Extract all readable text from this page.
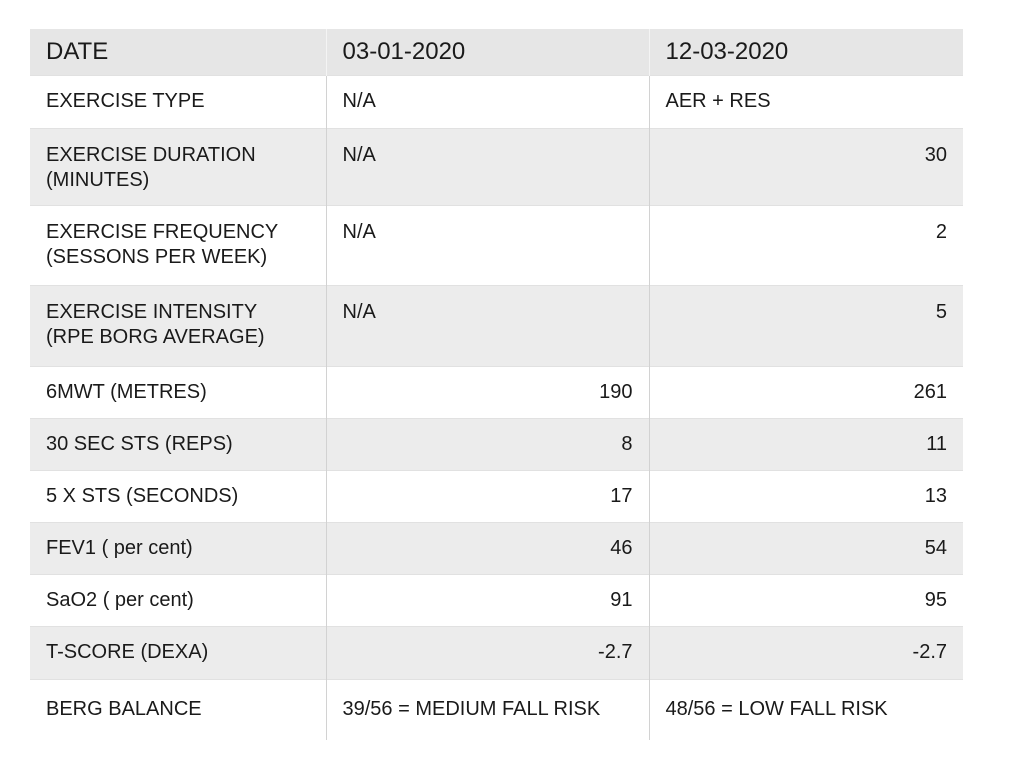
DATE	03-01-2020	12-03-2020
EXERCISE TYPE	N/A	AER + RES
EXERCISE DURATION
(MINUTES)	N/A	30
EXERCISE FREQUENCY
(SESSONS PER WEEK)	N/A	2
EXERCISE INTENSITY
(RPE BORG AVERAGE)	N/A	5
6MWT (METRES)	190	261
30 SEC STS (REPS)	8	11
5 X STS (SECONDS)	17	13
FEV1 ( per cent)	46	54
SaO2 ( per cent)	91	95
T-SCORE (DEXA)	-2.7	-2.7
BERG BALANCE	39/56 = MEDIUM FALL RISK	48/56 = LOW FALL RISK
